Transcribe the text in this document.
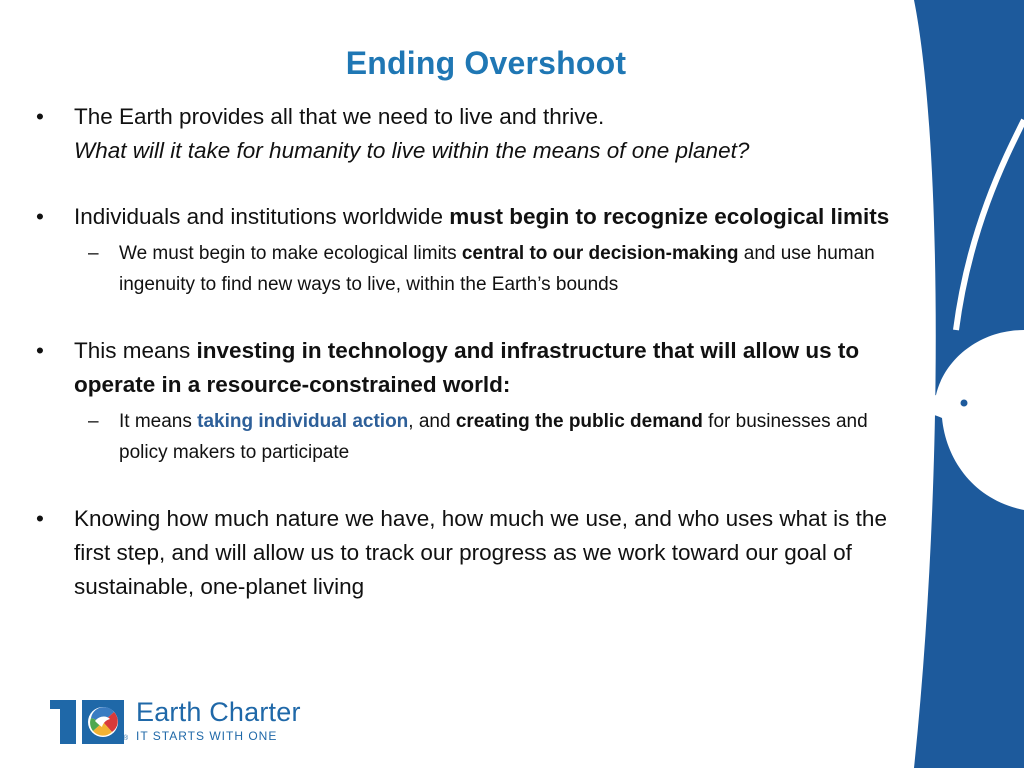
Ending Overshoot
• The Earth provides all that we need to live and thrive.
What will it take for humanity to live within the means of one planet?
• Individuals and institutions worldwide must begin to recognize ecological limits
– We must begin to make ecological limits central to our decision-making and use human ingenuity to find new ways to live, within the Earth’s bounds
• This means investing in technology and infrastructure that will allow us to operate in a resource-constrained world:
– It means taking individual action, and creating the public demand for businesses and policy makers to participate
• Knowing how much nature we have, how much we use, and who uses what is the first step, and will allow us to track our progress as we work toward our goal of sustainable, one-planet living
®
Earth Charter
IT STARTS WITH ONE
